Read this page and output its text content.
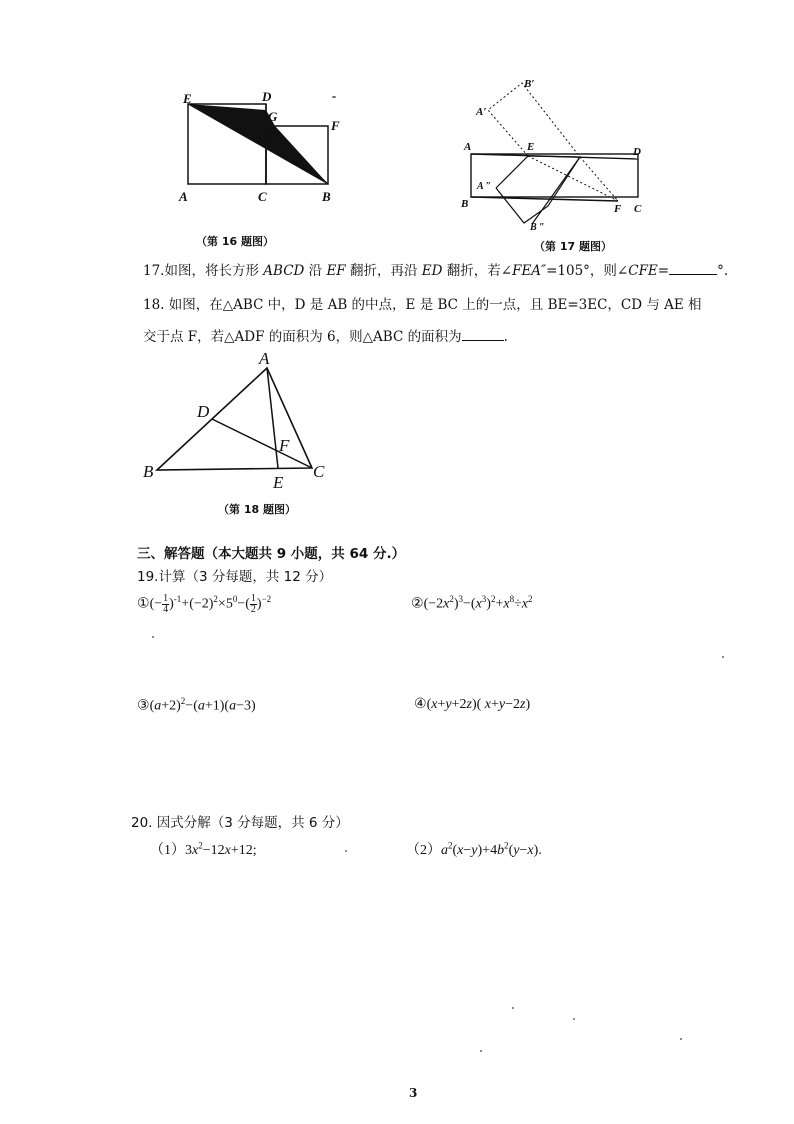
E	D
G
F
A	C	B
（第 16 题图）
B′
A′
A	E	D
A ″
B
B ″
F C
（第 17 题图）
17.如图，将长方形 ABCD 沿 EF 翻折，再沿 ED 翻折，若∠FEA″=105°，则∠CFE=	°.
18. 如图，在△ABC 中，D 是 AB 的中点，E 是 BC 上的一点，且 BE=3EC，CD 与 AE 相
交于点 F，若△ADF 的面积为 6，则△ABC 的面积为	.
A
D
F
B
E
C
（第 18 题图）
三、解答题（本大题共 9 小题，共 64 分.）
19.计算（3 分每题，共 12 分）
①(− $\frac{1}{4} )^{-1}+(-2)^2\times 5^0-( \frac{1}{2} )^{-2}$	$②(-2x^2)^3-(x^3)^2+x^8\div x^2$
$③(a+2)^2-(a+1)(a-3)$	④(x+y+2z)( x+y−2z)
20. 因式分解（3 分每题，共 6 分）
$(1)3x^2-12x+12$;	$(2)a^2(x-y)+4b^2(y-x)$.
3
